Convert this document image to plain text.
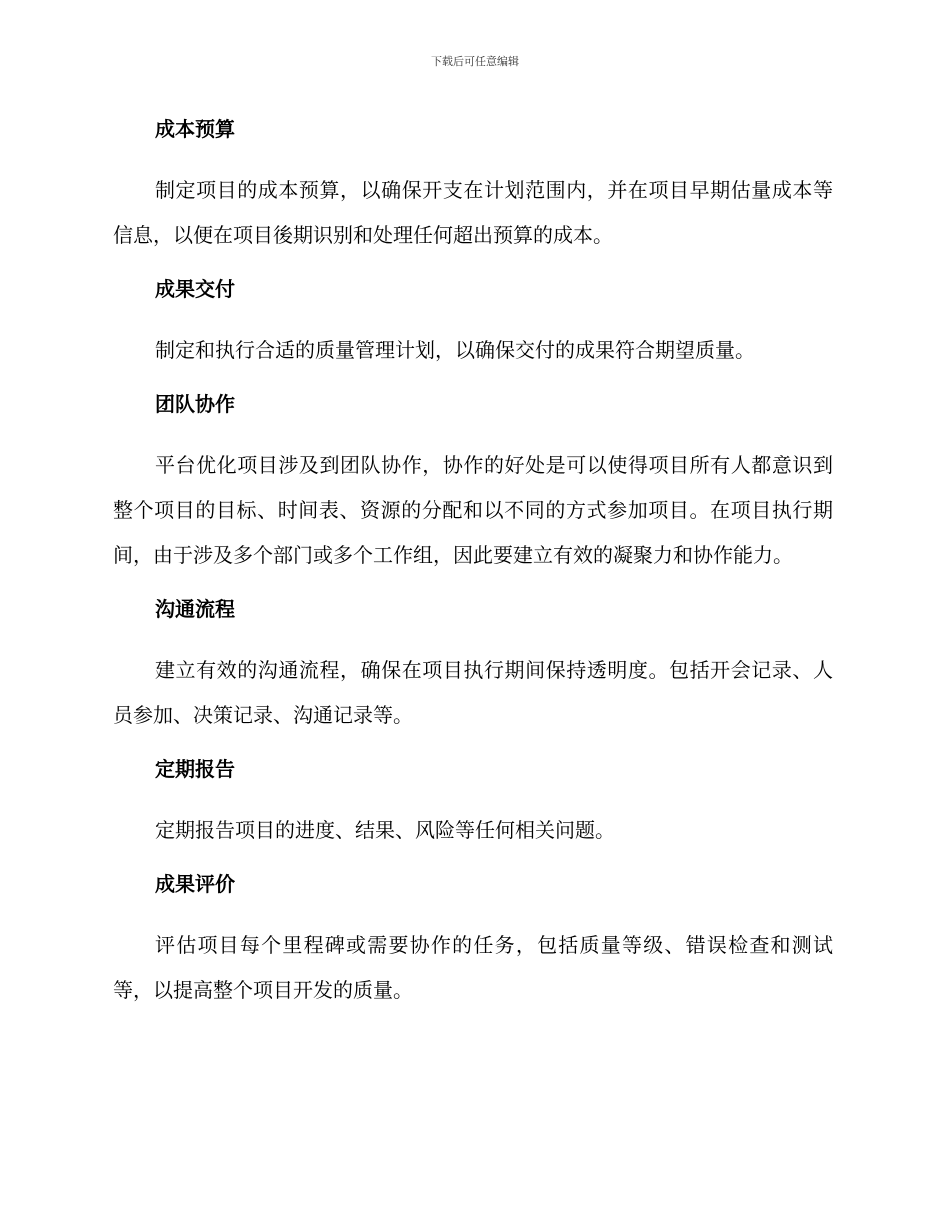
下载后可任意编辑
成本预算

制定项目的成本预算，以确保开支在计划范围内，并在项目早期估量成本等信息，以便在项目後期识别和处理任何超出预算的成本。

成果交付

制定和执行合适的质量管理计划，以确保交付的成果符合期望质量。

团队协作

平台优化项目涉及到团队协作，协作的好处是可以使得项目所有人都意识到整个项目的目标、时间表、资源的分配和以不同的方式参加项目。在项目执行期间，由于涉及多个部门或多个工作组，因此要建立有效的凝聚力和协作能力。

沟通流程

建立有效的沟通流程，确保在项目执行期间保持透明度。包括开会记录、人员参加、决策记录、沟通记录等。

定期报告

定期报告项目的进度、结果、风险等任何相关问题。

成果评价

评估项目每个里程碑或需要协作的任务，包括质量等级、错误检查和测试等，以提高整个项目开发的质量。
